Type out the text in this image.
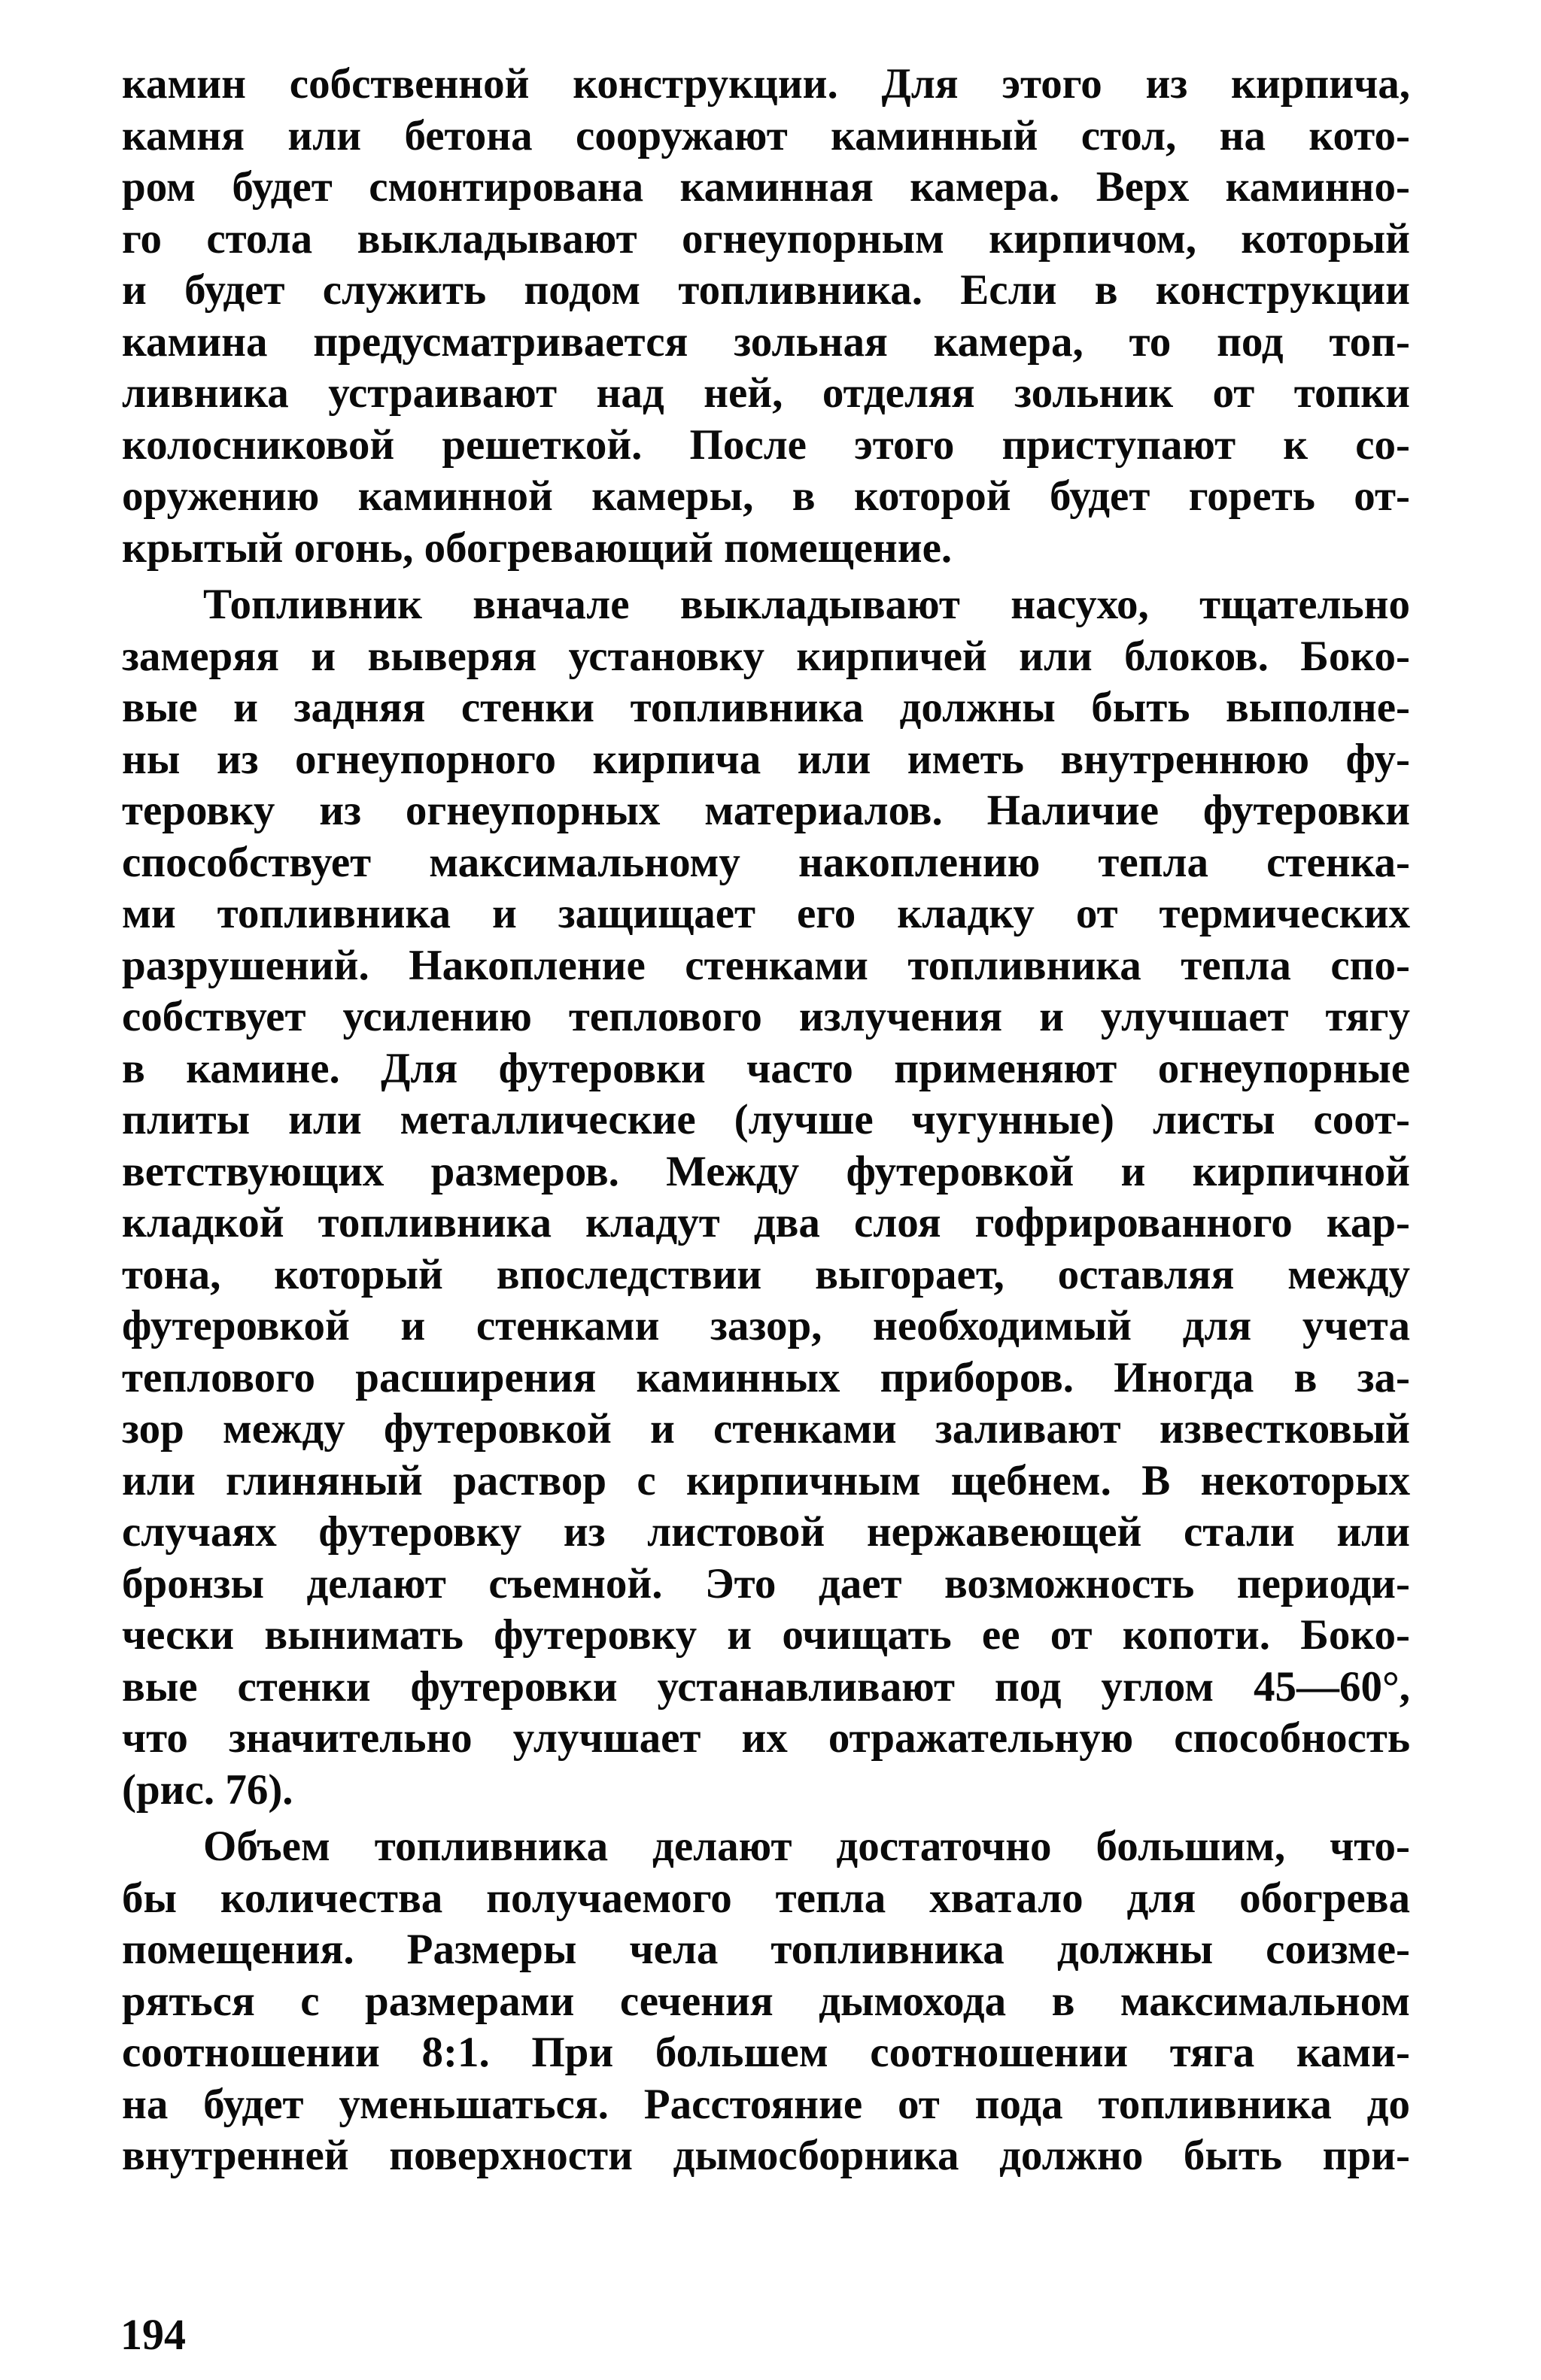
камин собственной конструкции. Для этого из кирпича,
камня или бетона сооружают каминный стол, на кото-
ром будет смонтирована каминная камера. Верх каминно-
го стола выкладывают огнеупорным кирпичом, который
и будет служить подом топливника. Если в конструкции
камина предусматривается зольная камера, то под топ-
ливника устраивают над ней, отделяя зольник от топки
колосниковой решеткой. После этого приступают к со-
оружению каминной камеры, в которой будет гореть от-
крытый огонь, обогревающий помещение.
Топливник вначале выкладывают насухо, тщательно
замеряя и выверяя установку кирпичей или блоков. Боко-
вые и задняя стенки топливника должны быть выполне-
ны из огнеупорного кирпича или иметь внутреннюю фу-
теровку из огнеупорных материалов. Наличие футеровки
способствует максимальному накоплению тепла стенка-
ми топливника и защищает его кладку от термических
разрушений. Накопление стенками топливника тепла спо-
собствует усилению теплового излучения и улучшает тягу
в камине. Для футеровки часто применяют огнеупорные
плиты или металлические (лучше чугунные) листы соот-
ветствующих размеров. Между футеровкой и кирпичной
кладкой топливника кладут два слоя гофрированного кар-
тона, который впоследствии выгорает, оставляя между
футеровкой и стенками зазор, необходимый для учета
теплового расширения каминных приборов. Иногда в за-
зор между футеровкой и стенками заливают известковый
или глиняный раствор с кирпичным щебнем. В некоторых
случаях футеровку из листовой нержавеющей стали или
бронзы делают съемной. Это дает возможность периоди-
чески вынимать футеровку и очищать ее от копоти. Боко-
вые стенки футеровки устанавливают под углом 45—60°,
что значительно улучшает их отражательную способность
(рис. 76).
Объем топливника делают достаточно большим, что-
бы количества получаемого тепла хватало для обогрева
помещения. Размеры чела топливника должны соизме-
ряться с размерами сечения дымохода в максимальном
соотношении 8:1. При большем соотношении тяга ками-
на будет уменьшаться. Расстояние от пода топливника до
внутренней поверхности дымосборника должно быть при-
194
